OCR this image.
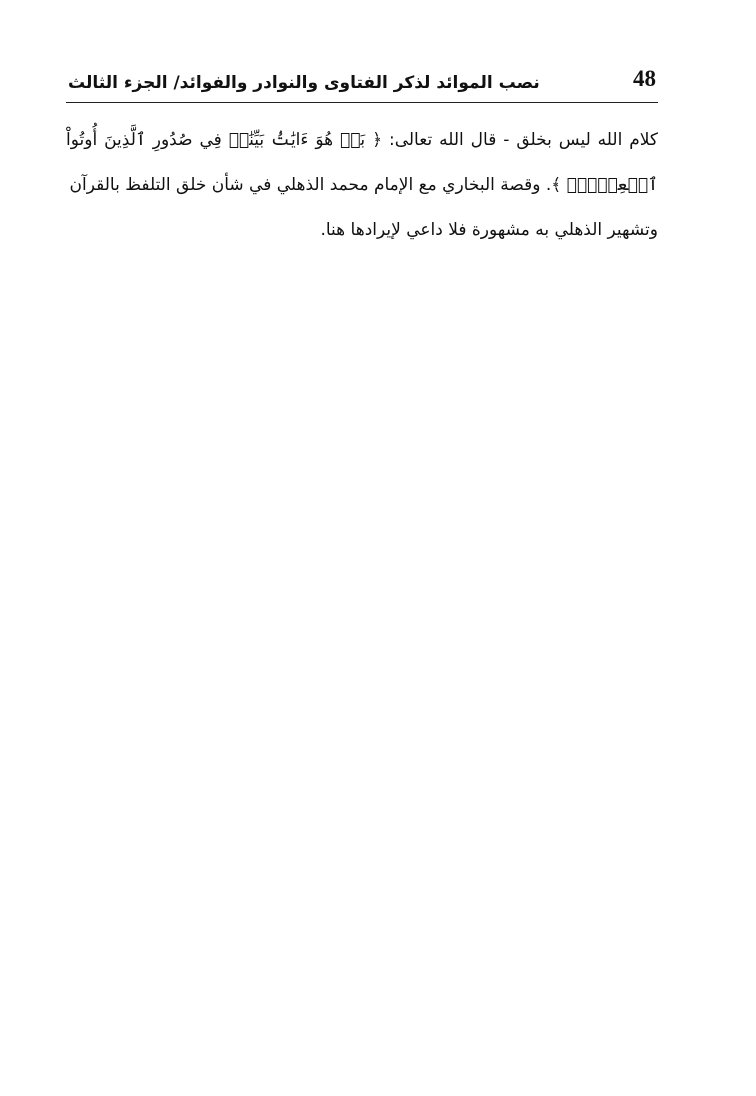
48
نصب الموائد لذكر الفتاوى والنوادر والفوائد/ الجزء الثالث
كلام الله ليس بخلق - قال الله تعالى: ﴿ بَلۡ هُوَ ءَايَٰتُۢ بَيِّنَٰتٞ فِي صُدُورِ ٱلَّذِينَ أُوتُواْ
ٱلۡعِلۡمَۚ ﴾. وقصة البخاري مع الإمام محمد الذهلي في شأن خلق التلفظ بالقرآن
وتشهير الذهلي به مشهورة فلا داعي لإيرادها هنا.
